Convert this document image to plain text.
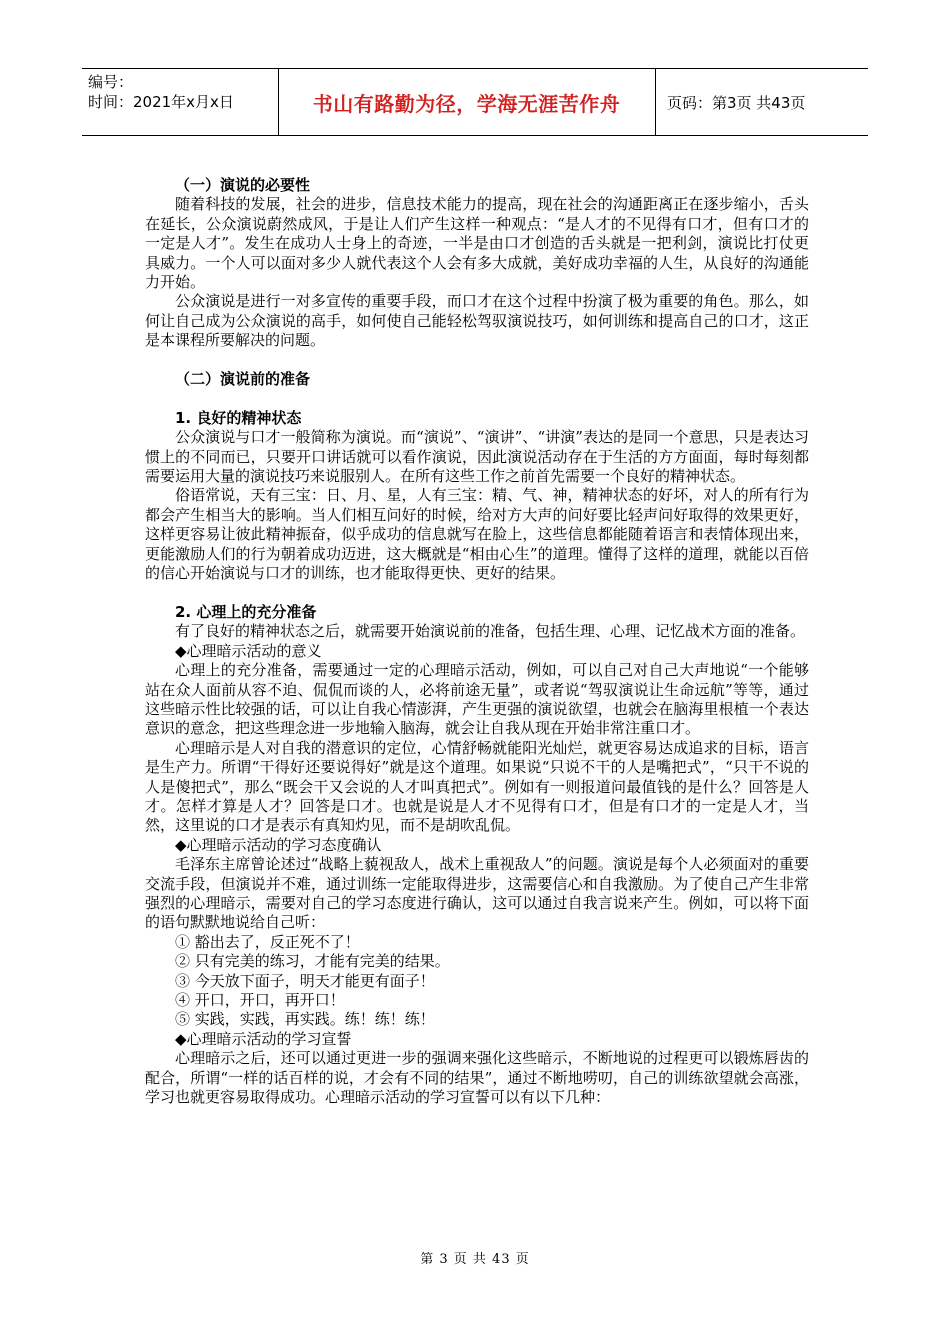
编号：
时间：2021年x月x日	书山有路勤为径，学海无涯苦作舟	页码：第3页 共43页

（一）演说的必要性

随着科技的发展，社会的进步，信息技术能力的提高，现在社会的沟通距离正在逐步缩小，舌头在延长，公众演说蔚然成风，于是让人们产生这样一种观点：“是人才的不见得有口才，但有口才的一定是人才”。发生在成功人士身上的奇迹，一半是由口才创造的舌头就是一把利剑，演说比打仗更具威力。一个人可以面对多少人就代表这个人会有多大成就，美好成功幸福的人生，从良好的沟通能力开始。

公众演说是进行一对多宣传的重要手段，而口才在这个过程中扮演了极为重要的角色。那么，如何让自己成为公众演说的高手，如何使自己能轻松驾驭演说技巧，如何训练和提高自己的口才，这正是本课程所要解决的问题。

（二）演说前的准备

1. 良好的精神状态

公众演说与口才一般简称为演说。而“演说”、“演讲”、“讲演”表达的是同一个意思，只是表达习惯上的不同而已，只要开口讲话就可以看作演说，因此演说活动存在于生活的方方面面，每时每刻都需要运用大量的演说技巧来说服别人。在所有这些工作之前首先需要一个良好的精神状态。

俗语常说，天有三宝：日、月、星，人有三宝：精、气、神，精神状态的好坏，对人的所有行为都会产生相当大的影响。当人们相互问好的时候，给对方大声的问好要比轻声问好取得的效果更好，这样更容易让彼此精神振奋，似乎成功的信息就写在脸上，这些信息都能随着语言和表情体现出来，更能激励人们的行为朝着成功迈进，这大概就是“相由心生”的道理。懂得了这样的道理，就能以百倍的信心开始演说与口才的训练，也才能取得更快、更好的结果。

2. 心理上的充分准备

有了良好的精神状态之后，就需要开始演说前的准备，包括生理、心理、记忆战术方面的准备。

◆心理暗示活动的意义

心理上的充分准备，需要通过一定的心理暗示活动，例如，可以自己对自己大声地说“一个能够站在众人面前从容不迫、侃侃而谈的人，必将前途无量”，或者说“驾驭演说让生命远航”等等，通过这些暗示性比较强的话，可以让自我心情澎湃，产生更强的演说欲望，也就会在脑海里根植一个表达意识的意念，把这些理念进一步地输入脑海，就会让自我从现在开始非常注重口才。

心理暗示是人对自我的潜意识的定位，心情舒畅就能阳光灿烂，就更容易达成追求的目标，语言是生产力。所谓“干得好还要说得好”就是这个道理。如果说“只说不干的人是嘴把式”，“只干不说的人是傻把式”，那么“既会干又会说的人才叫真把式”。例如有一则报道问最值钱的是什么？回答是人才。怎样才算是人才？回答是口才。也就是说是人才不见得有口才，但是有口才的一定是人才，当然，这里说的口才是表示有真知灼见，而不是胡吹乱侃。

◆心理暗示活动的学习态度确认

毛泽东主席曾论述过“战略上藐视敌人，战术上重视敌人”的问题。演说是每个人必须面对的重要交流手段，但演说并不难，通过训练一定能取得进步，这需要信心和自我激励。为了使自己产生非常强烈的心理暗示，需要对自己的学习态度进行确认，这可以通过自我言说来产生。例如，可以将下面的语句默默地说给自己听：

① 豁出去了，反正死不了！

② 只有完美的练习，才能有完美的结果。

③ 今天放下面子，明天才能更有面子！

④ 开口，开口，再开口！

⑤ 实践，实践，再实践。练！练！练！

◆心理暗示活动的学习宣誓

心理暗示之后，还可以通过更进一步的强调来强化这些暗示，不断地说的过程更可以锻炼唇齿的配合，所谓“一样的话百样的说，才会有不同的结果”，通过不断地唠叨，自己的训练欲望就会高涨，学习也就更容易取得成功。心理暗示活动的学习宣誓可以有以下几种：

第 3 页 共 43 页
